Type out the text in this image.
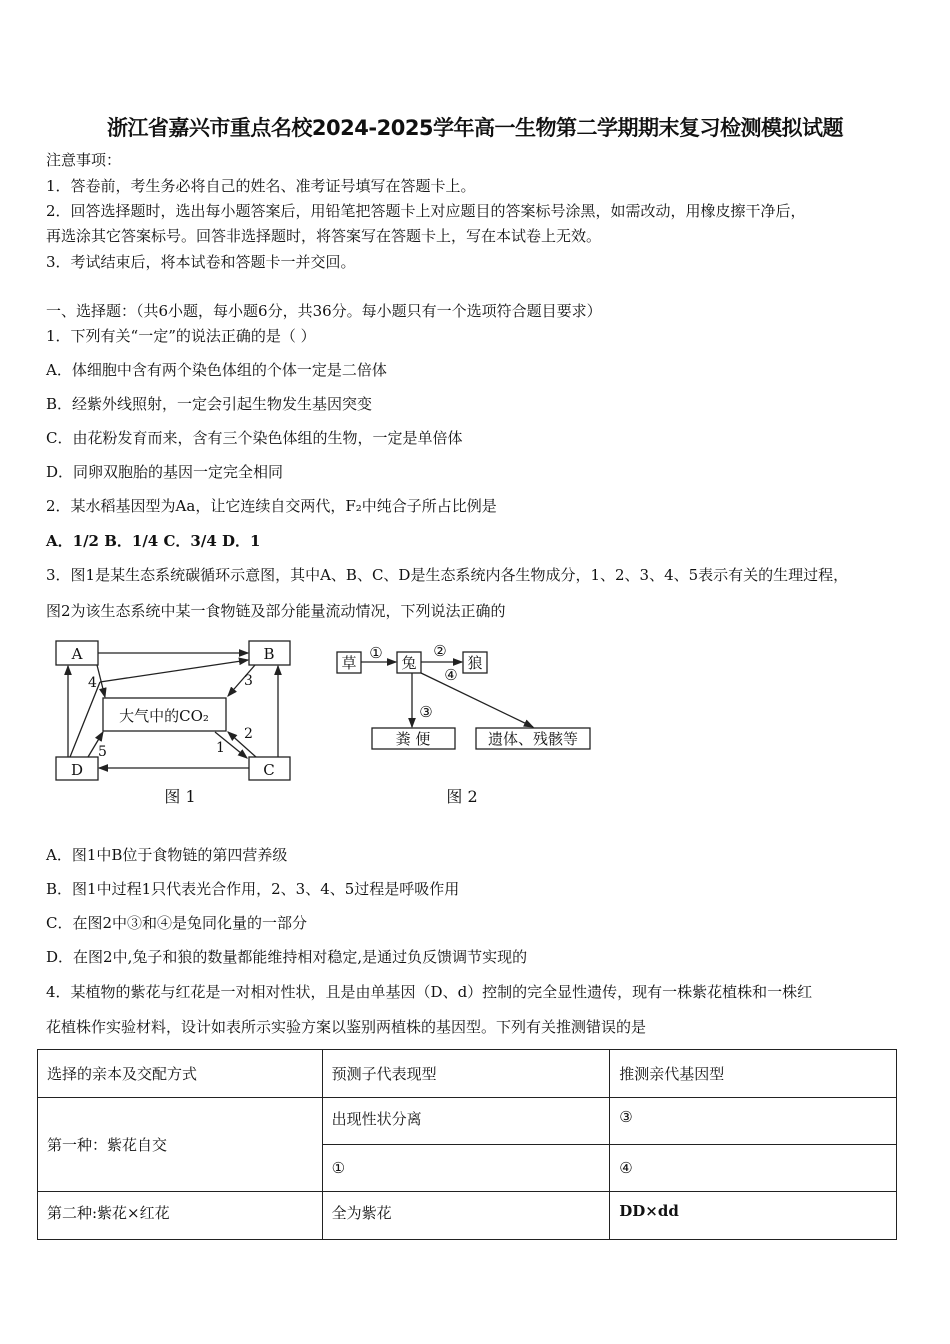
浙江省嘉兴市重点名校2024-2025学年高一生物第二学期期末复习检测模拟试题
注意事项：
1．答卷前，考生务必将自己的姓名、准考证号填写在答题卡上。
2．回答选择题时，选出每小题答案后，用铅笔把答题卡上对应题目的答案标号涂黑，如需改动，用橡皮擦干净后，
再选涂其它答案标号。回答非选择题时，将答案写在答题卡上，写在本试卷上无效。
3．考试结束后，将本试卷和答题卡一并交回。
一、选择题：（共6小题，每小题6分，共36分。每小题只有一个选项符合题目要求）
1．下列有关“一定”的说法正确的是（ ）
A．体细胞中含有两个染色体组的个体一定是二倍体
B．经紫外线照射，一定会引起生物发生基因突变
C．由花粉发育而来，含有三个染色体组的生物，一定是单倍体
D．同卵双胞胎的基因一定完全相同
2．某水稻基因型为Aa，让它连续自交两代，F₂中纯合子所占比例是
A．1/2 B．1/4 C．3/4 D．1
3．图1是某生态系统碳循环示意图，其中A、B、C、D是生态系统内各生物成分，1、2、3、4、5表示有关的生理过程，
图2为该生态系统中某一食物链及部分能量流动情况，下列说法正确的
A	B
大气中的CO₂
D	C
1
2
3
4
5
图 1
草	兔	狼
①	②
③
④
粪 便	遗体、残骸等
图 2
A．图1中B位于食物链的第四营养级
B．图1中过程1只代表光合作用，2、3、4、5过程是呼吸作用
C．在图2中③和④是兔同化量的一部分
D．在图2中,兔子和狼的数量都能维持相对稳定,是通过负反馈调节实现的
4．某植物的紫花与红花是一对相对性状，且是由单基因（D、d）控制的完全显性遗传，现有一株紫花植株和一株红
花植株作实验材料，设计如表所示实验方案以鉴别两植株的基因型。下列有关推测错误的是
选择的亲本及交配方式	预测子代表现型	推测亲代基因型
第一种：紫花自交	出现性状分离	③
	①	④
第二种:紫花×红花	全为紫花	DD×dd
